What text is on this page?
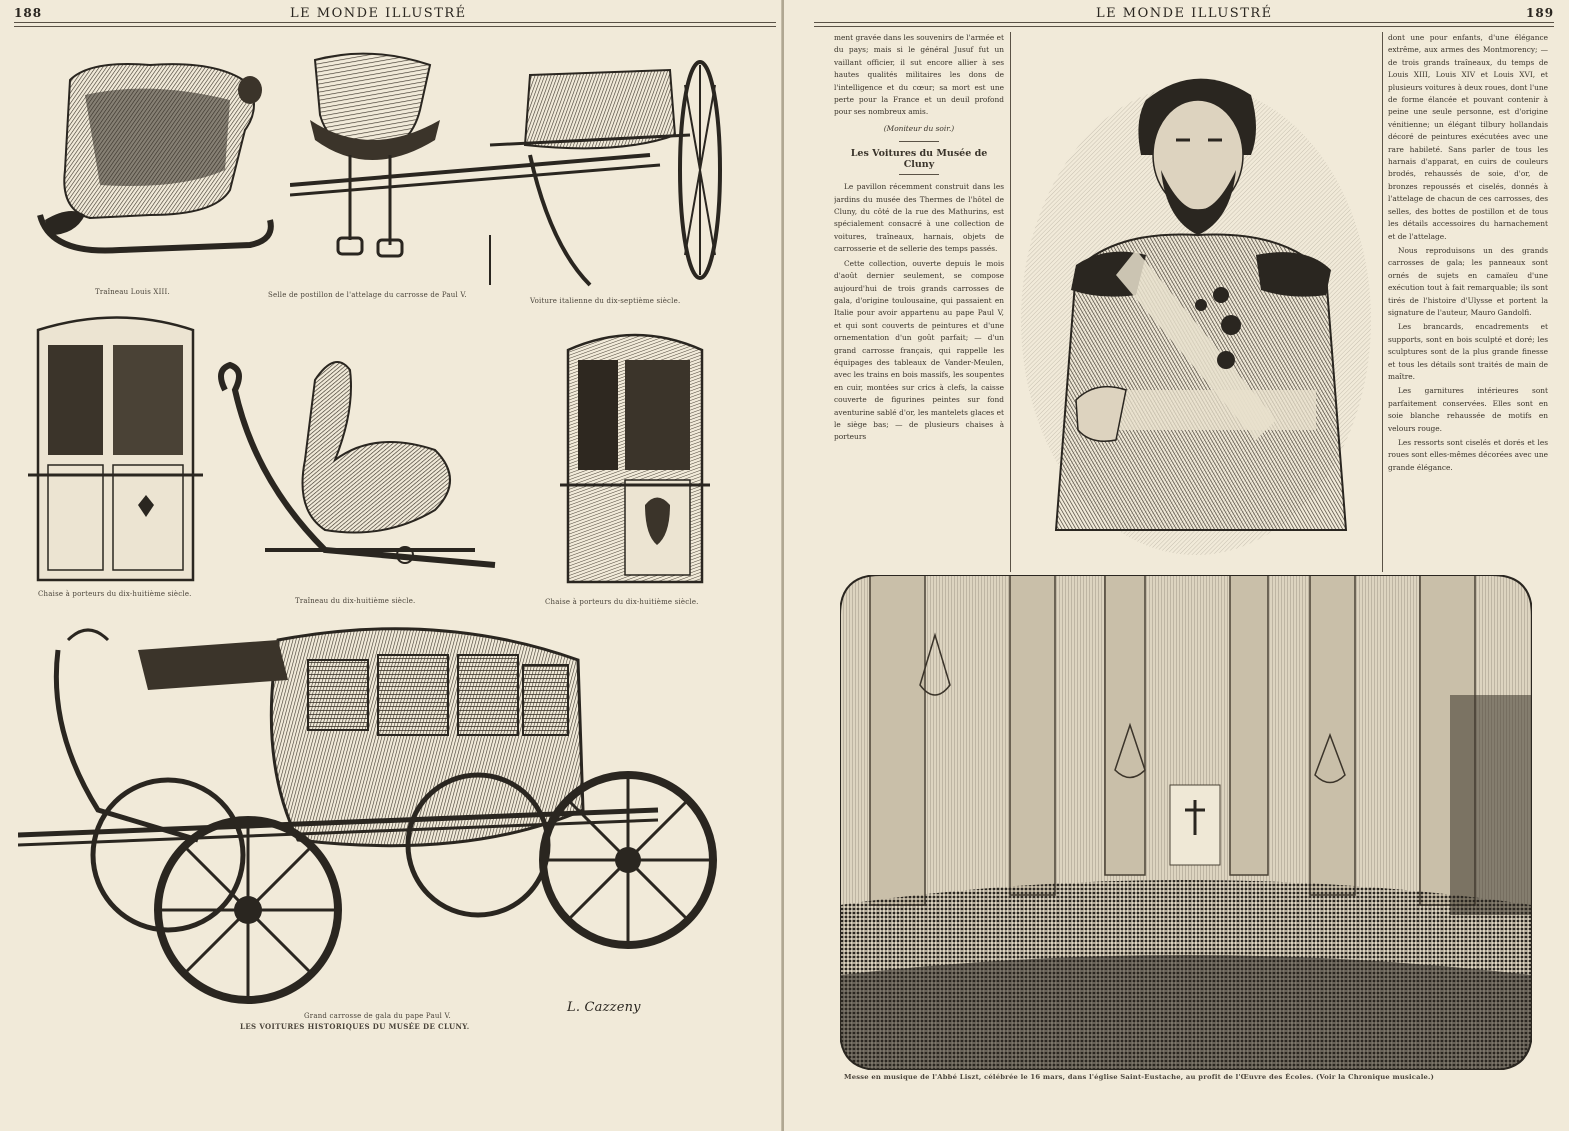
188	LE MONDE ILLUSTRÉ
Traîneau Louis XIII.	Selle de postillon de l'attelage du carrosse de Paul V.
Voiture italienne du dix-septième siècle.
Chaise à porteurs du dix-huitième siècle.
Traîneau du dix-huitième siècle.	Chaise à porteurs du dix-huitième siècle.
L. Cazzeny
Grand carrosse de gala du pape Paul V.
LES VOITURES HISTORIQUES DU MUSÉE DE CLUNY.
LE MONDE ILLUSTRÉ	189

ment gravée dans les souvenirs de l'armée et du pays; mais si le général Jusuf fut un vaillant officier, il sut encore allier à ses hautes qualités militaires les dons de l'intelligence et du cœur; sa mort est une perte pour la France et un deuil profond pour ses nombreux amis.

(Moniteur du soir.)

Les Voitures du Musée de Cluny

Le pavillon récemment construit dans les jardins du musée des Thermes de l'hôtel de Cluny, du côté de la rue des Mathurins, est spécialement consacré à une collection de voitures, traîneaux, harnais, objets de carrosserie et de sellerie des temps passés.

Cette collection, ouverte depuis le mois d'août dernier seulement, se compose aujourd'hui de trois grands carrosses de gala, d'origine toulousaine, qui passaient en Italie pour avoir appartenu au pape Paul V, et qui sont couverts de peintures et d'une ornementation d'un goût parfait; — d'un grand carrosse français, qui rappelle les équipages des tableaux de Vander-Meulen, avec les trains en bois massifs, les soupentes en cuir, montées sur crics à clefs, la caisse couverte de figurines peintes sur fond aventurine sablé d'or, les mantelets glaces et le siège bas; — de plusieurs chaises à porteurs

dont une pour enfants, d'une élégance extrême, aux armes des Montmorency; — de trois grands traîneaux, du temps de Louis XIII, Louis XIV et Louis XVI, et plusieurs voitures à deux roues, dont l'une de forme élancée et pouvant contenir à peine une seule personne, est d'origine vénitienne; un élégant tilbury hollandais décoré de peintures exécutées avec une rare habileté. Sans parler de tous les harnais d'apparat, en cuirs de couleurs brodés, rehaussés de soie, d'or, de bronzes repoussés et ciselés, donnés à l'attelage de chacun de ces carrosses, des selles, des bottes de postillon et de tous les détails accessoires du harnachement et de l'attelage.

Nous reproduisons un des grands carrosses de gala; les panneaux sont ornés de sujets en camaïeu d'une exécution tout à fait remarquable; ils sont tirés de l'histoire d'Ulysse et portent la signature de l'auteur, Mauro Gandolfi.

Les brancards, encadrements et supports, sont en bois sculpté et doré; les sculptures sont de la plus grande finesse et tous les détails sont traités de main de maître.

Les garnitures intérieures sont parfaitement conservées. Elles sont en soie blanche rehaussée de motifs en velours rouge.

Les ressorts sont ciselés et dorés et les roues sont elles-mêmes décorées avec une grande élégance.

Messe en musique de l'Abbé Liszt, célébrée le 16 mars, dans l'église Saint-Eustache, au profit de l'Œuvre des Écoles. (Voir la Chronique musicale.)
